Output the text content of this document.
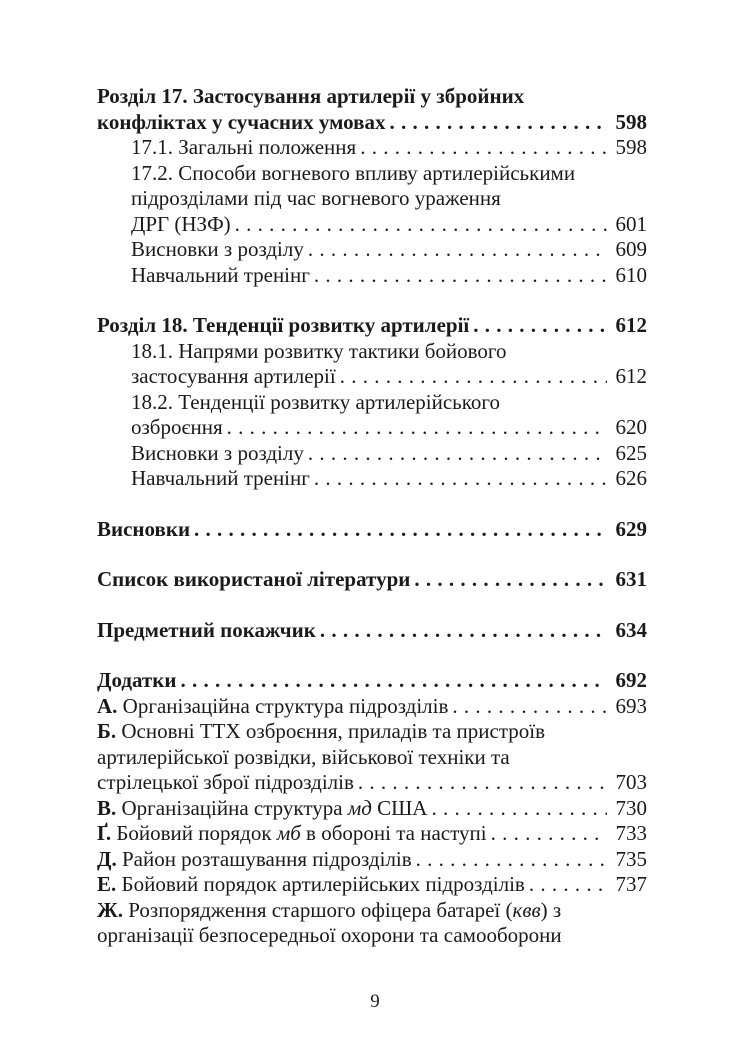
Розділ 17. Застосування артилерії у збройних
конфліктах у сучасних умовах . . .	598
17.1. Загальні положення . . .	598
17.2. Способи вогневого впливу артилерійськими
підрозділами під час вогневого ураження
ДРГ (НЗФ) . . .	601
Висновки з розділу . . .	609
Навчальний тренінг . . .	610
Розділ 18. Тенденції розвитку артилерії . . .	612
18.1. Напрями розвитку тактики бойового
застосування артилерії . . .	612
18.2. Тенденції розвитку артилерійського
озброєння . . .	620
Висновки з розділу . . .	625
Навчальний тренінг . . .	626
Висновки . . .	629
Список використаної літератури . . .	631
Предметний покажчик . . .	634
Додатки . . .	692
А. Організаційна структура підрозділів . . .	693
Б. Основні ТТХ озброєння, приладів та пристроїв
артилерійської розвідки, військової техніки та
стрілецької зброї підрозділів . . .	703
В. Організаційна структура мд США . . .	730
Ґ. Бойовий порядок мб в обороні та наступі . . .	733
Д. Район розташування підрозділів . . .	735
Е. Бойовий порядок артилерійських підрозділів . . .	737
Ж. Розпорядження старшого офіцера батареї (квв) з
організації безпосередньої охорони та самооборони
9
